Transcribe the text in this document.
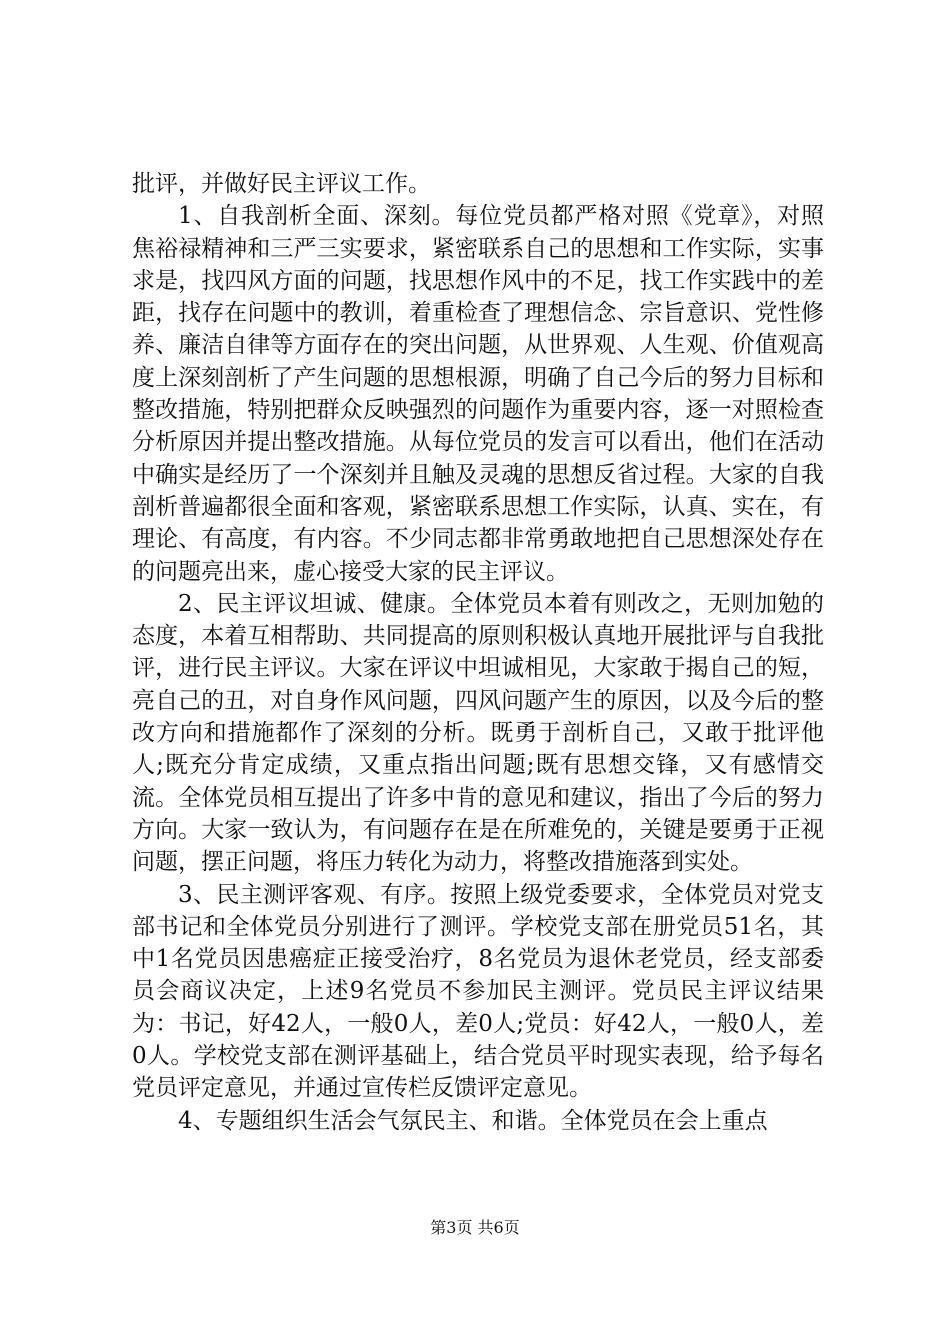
批评，并做好民主评议工作。

1、自我剖析全面、深刻。每位党员都严格对照《党章》，对照焦裕禄精神和三严三实要求，紧密联系自己的思想和工作实际，实事求是，找四风方面的问题，找思想作风中的不足，找工作实践中的差距，找存在问题中的教训，着重检查了理想信念、宗旨意识、党性修养、廉洁自律等方面存在的突出问题，从世界观、人生观、价值观高度上深刻剖析了产生问题的思想根源，明确了自己今后的努力目标和整改措施，特别把群众反映强烈的问题作为重要内容，逐一对照检查分析原因并提出整改措施。从每位党员的发言可以看出，他们在活动中确实是经历了一个深刻并且触及灵魂的思想反省过程。大家的自我剖析普遍都很全面和客观，紧密联系思想工作实际，认真、实在，有理论、有高度，有内容。不少同志都非常勇敢地把自己思想深处存在的问题亮出来，虚心接受大家的民主评议。

2、民主评议坦诚、健康。全体党员本着有则改之，无则加勉的态度，本着互相帮助、共同提高的原则积极认真地开展批评与自我批评，进行民主评议。大家在评议中坦诚相见，大家敢于揭自己的短，亮自己的丑，对自身作风问题，四风问题产生的原因，以及今后的整改方向和措施都作了深刻的分析。既勇于剖析自己，又敢于批评他人;既充分肯定成绩，又重点指出问题;既有思想交锋，又有感情交流。全体党员相互提出了许多中肯的意见和建议，指出了今后的努力方向。大家一致认为，有问题存在是在所难免的，关键是要勇于正视问题，摆正问题，将压力转化为动力，将整改措施落到实处。

3、民主测评客观、有序。按照上级党委要求，全体党员对党支部书记和全体党员分别进行了测评。学校党支部在册党员51名，其中1名党员因患癌症正接受治疗，8名党员为退休老党员，经支部委员会商议决定，上述9名党员不参加民主测评。党员民主评议结果为：书记，好42人，一般0人，差0人;党员：好42人，一般0人，差0人。学校党支部在测评基础上，结合党员平时现实表现，给予每名党员评定意见，并通过宣传栏反馈评定意见。

4、专题组织生活会气氛民主、和谐。全体党员在会上重点

第3页 共6页
